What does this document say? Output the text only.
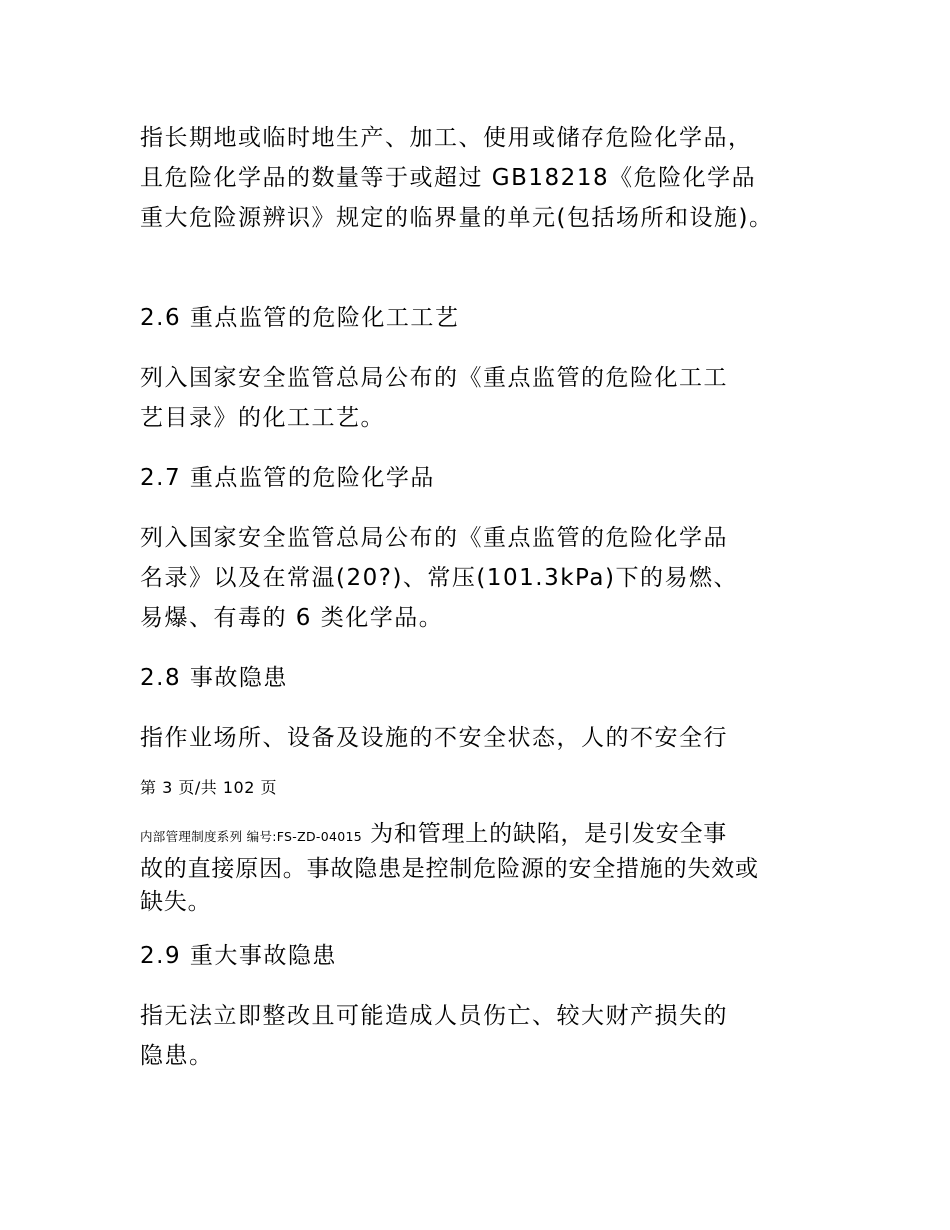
指长期地或临时地生产、加工、使用或储存危险化学品，
且危险化学品的数量等于或超过 GB18218《危险化学品
重大危险源辨识》规定的临界量的单元(包括场所和设施)。
2.6 重点监管的危险化工工艺
列入国家安全监管总局公布的《重点监管的危险化工工
艺目录》的化工工艺。
2.7 重点监管的危险化学品
列入国家安全监管总局公布的《重点监管的危险化学品
名录》以及在常温(20?)、常压(101.3kPa)下的易燃、
易爆、有毒的 6 类化学品。
2.8 事故隐患
指作业场所、设备及设施的不安全状态，人的不安全行
第 3 页/共 102 页
内部管理制度系列 编号:FS-ZD-04015 为和管理上的缺陷，是引发安全事
故的直接原因。事故隐患是控制危险源的安全措施的失效或
缺失。
2.9 重大事故隐患
指无法立即整改且可能造成人员伤亡、较大财产损失的
隐患。
